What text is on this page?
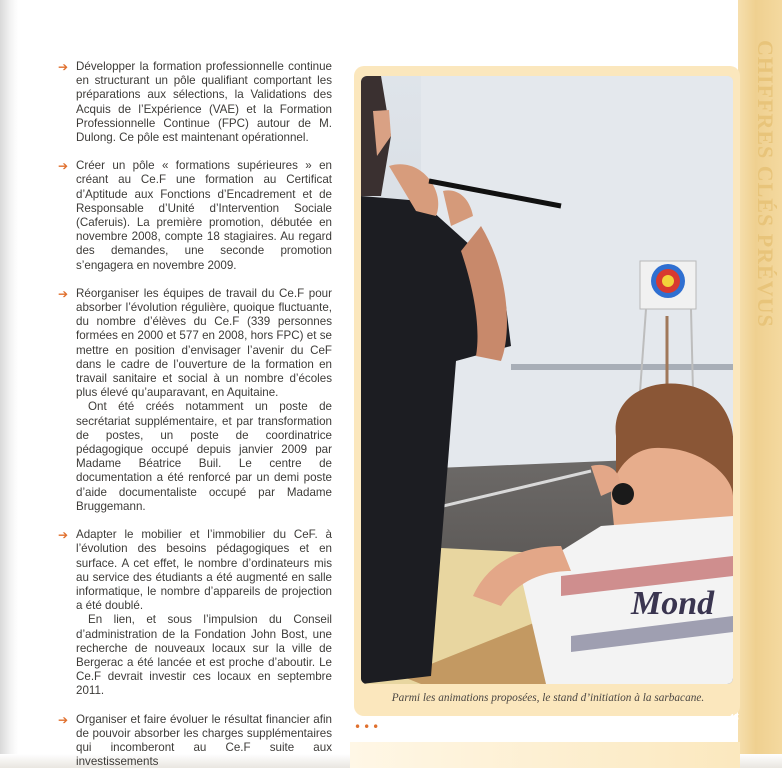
CHIFFRES CLÉS PRÉVUS
➔ Développer la formation professionnelle continue en structurant un pôle qualifiant comportant les préparations aux sélections, la Validations des Acquis de l’Expérience (VAE) et la Formation Professionnelle Continue (FPC) autour de M. Dulong. Ce pôle est maintenant opérationnel.

➔ Créer un pôle « formations supérieures » en créant au Ce.F une formation au Certificat d’Aptitude aux Fonctions d’Encadrement et de Responsable d’Unité d’Intervention Sociale (Caferuis). La première promotion, débutée en novembre 2008, compte 18 stagiaires. Au regard des demandes, une seconde promotion s’engagera en novembre 2009.

➔ Réorganiser les équipes de travail du Ce.F pour absorber l’évolution régulière, quoique fluctuante, du nombre d’élèves du Ce.F (339 personnes formées en 2000 et 577 en 2008, hors FPC) et se mettre en position d’envisager l’avenir du CeF dans le cadre de l’ouverture de la formation en travail sanitaire et social à un nombre d’écoles plus élevé qu’auparavant, en Aquitaine.

Ont été créés notamment un poste de secrétariat supplémentaire, et par transformation de postes, un poste de coordinatrice pédagogique occupé depuis janvier 2009 par Madame Béatrice Buil. Le centre de documentation a été renforcé par un demi poste d’aide documentaliste occupé par Madame Bruggemann.

➔ Adapter le mobilier et l’immobilier du CeF. à l’évolution des besoins pédagogiques et en surface. A cet effet, le nombre d’ordinateurs mis au service des étudiants a été augmenté en salle informatique, le nombre d’appareils de projection a été doublé.

En lien, et sous l’impulsion du Conseil d’administration de la Fondation John Bost, une recherche de nouveaux locaux sur la ville de Bergerac a été lancée et est proche d’aboutir. Le Ce.F devrait investir ces locaux en septembre 2011.

➔ Organiser et faire évoluer le résultat financier afin de pouvoir absorber les charges supplémentaires qui incomberont au Ce.F suite aux investissements

Mond
Parmi les animations proposées, le stand d’initiation à la sarbacane.
•••
45
